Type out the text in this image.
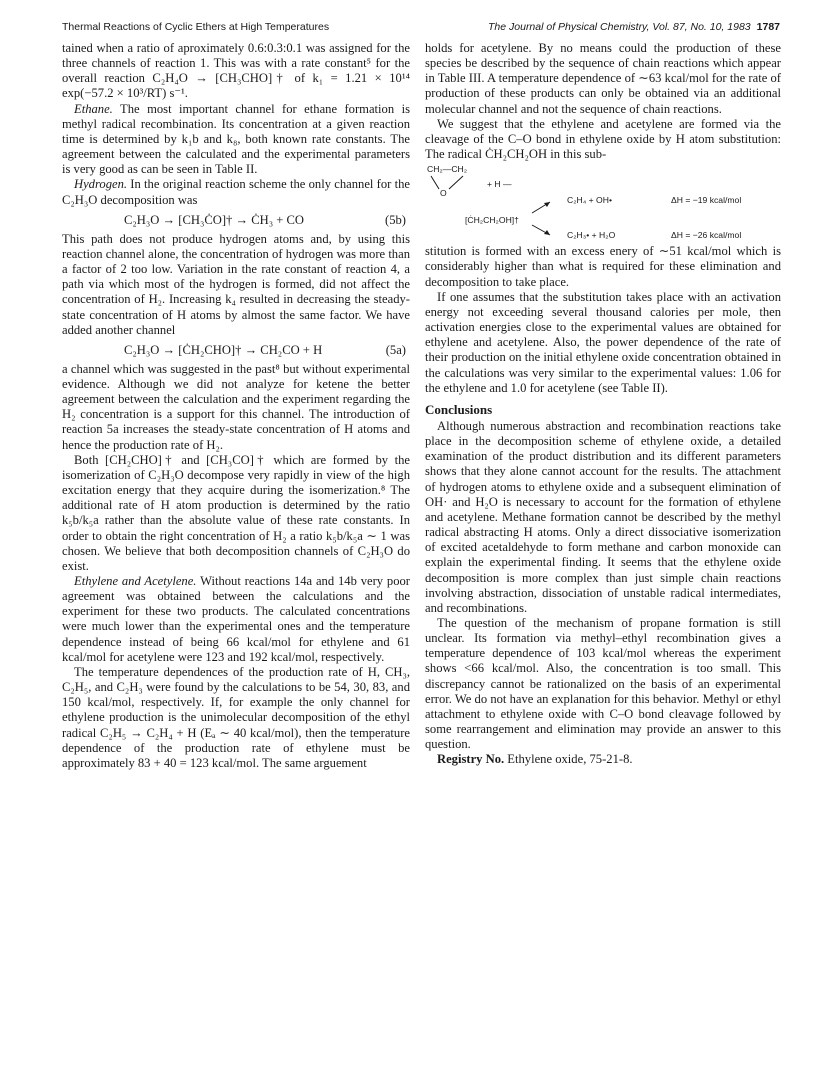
Thermal Reactions of Cyclic Ethers at High Temperatures	The Journal of Physical Chemistry, Vol. 87, No. 10, 1983 1787

tained when a ratio of aproximately 0.6:0.3:0.1 was assigned for the three channels of reaction 1. This was with a rate constant⁵ for the overall reaction C₂H₄O → [CH₃CHO]† of k₁ = 1.21 × 10¹⁴ exp(−57.2 × 10³/RT) s⁻¹.

Ethane. The most important channel for ethane formation is methyl radical recombination. Its concentration at a given reaction time is determined by k₁b and k₈, both known rate constants. The agreement between the calculated and the experimental parameters is very good as can be seen in Table II.

Hydrogen. In the original reaction scheme the only channel for the C₂H₃O decomposition was

C₂H₃O → [CH₃ĊO]† → ĊH₃ + CO	(5b)

This path does not produce hydrogen atoms and, by using this reaction channel alone, the concentration of hydrogen was more than a factor of 2 too low. Variation in the rate constant of reaction 4, a path via which most of the hydrogen is formed, did not affect the concentration of H₂. Increasing k₄ resulted in decreasing the steady-state concentration of H atoms by almost the same factor. We have added another channel

C₂H₃O → [ĊH₂CHO]† → CH₂CO + H	(5a)

a channel which was suggested in the past⁸ but without experimental evidence. Although we did not analyze for ketene the better agreement between the calculation and the experiment regarding the H₂ concentration is a support for this channel. The introduction of reaction 5a increases the steady-state concentration of H atoms and hence the production rate of H₂.

Both [CH₂CHO]† and [CH₃CO]† which are formed by the isomerization of C₂H₃O decompose very rapidly in view of the high excitation energy that they acquire during the isomerization.⁸ The additional rate of H atom production is determined by the ratio k₅b/k₅a rather than the absolute value of these rate constants. In order to obtain the right concentration of H₂ a ratio k₅b/k₅a ∼ 1 was chosen. We believe that both decomposition channels of C₂H₃O do exist.

Ethylene and Acetylene. Without reactions 14a and 14b very poor agreement was obtained between the calculations and the experiment for these two products. The calculated concentrations were much lower than the experimental ones and the temperature dependence instead of being 66 kcal/mol for ethylene and 61 kcal/mol for acetylene were 123 and 192 kcal/mol, respectively.

The temperature dependences of the production rate of H, CH₃, C₂H₅, and C₂H₃ were found by the calculations to be 54, 30, 83, and 150 kcal/mol, respectively. If, for example the only channel for ethylene production is the unimolecular decomposition of the ethyl radical C₂H₅ → C₂H₄ + H (Eₐ ∼ 40 kcal/mol), then the temperature dependence of the production rate of ethylene must be approximately 83 + 40 = 123 kcal/mol. The same arguement

holds for acetylene. By no means could the production of these species be described by the sequence of chain reactions which appear in Table III. A temperature dependence of ∼63 kcal/mol for the rate of production of these products can only be obtained via an additional molecular channel and not the sequence of chain reactions.

We suggest that the ethylene and acetylene are formed via the cleavage of the C–O bond in ethylene oxide by H atom substitution: The radical ĊH₂CH₂OH in this sub-

CH₂—CH₂
O
+ H —
[ĊH₂CH₂OH]†
C₂H₄ + OH•	ΔH = −19 kcal/mol
C₂H₃• + H₂O	ΔH = −26 kcal/mol

stitution is formed with an excess enery of ∼51 kcal/mol which is considerably higher than what is required for these elimination and decomposition to take place.

If one assumes that the substitution takes place with an activation energy not exceeding several thousand calories per mole, then activation energies close to the experimental values are obtained for ethylene and acetylene. Also, the power dependence of the rate of their production on the initial ethylene oxide concentration obtained in the calculations was very similar to the experimental values: 1.06 for the ethylene and 1.0 for acetylene (see Table II).

Conclusions

Although numerous abstraction and recombination reactions take place in the decomposition scheme of ethylene oxide, a detailed examination of the product distribution and its different parameters shows that they alone cannot account for the results. The attachment of hydrogen atoms to ethylene oxide and a subsequent elimination of OH· and H₂O is necessary to account for the formation of ethylene and acetylene. Methane formation cannot be described by the methyl radical abstracting H atoms. Only a direct dissociative isomerization of excited acetaldehyde to form methane and carbon monoxide can explain the experimental finding. It seems that the ethylene oxide decomposition is more complex than just simple chain reactions involving abstraction, dissociation of unstable radical intermediates, and recombinations.

The question of the mechanism of propane formation is still unclear. Its formation via methyl–ethyl recombination gives a temperature dependence of 103 kcal/mol whereas the experiment shows <66 kcal/mol. Also, the concentration is too small. This discrepancy cannot be rationalized on the basis of an experimental error. We do not have an explanation for this behavior. Methyl or ethyl attachment to ethylene oxide with C–O bond cleavage followed by some rearrangement and elimination may provide an answer to this question.

Registry No. Ethylene oxide, 75-21-8.
